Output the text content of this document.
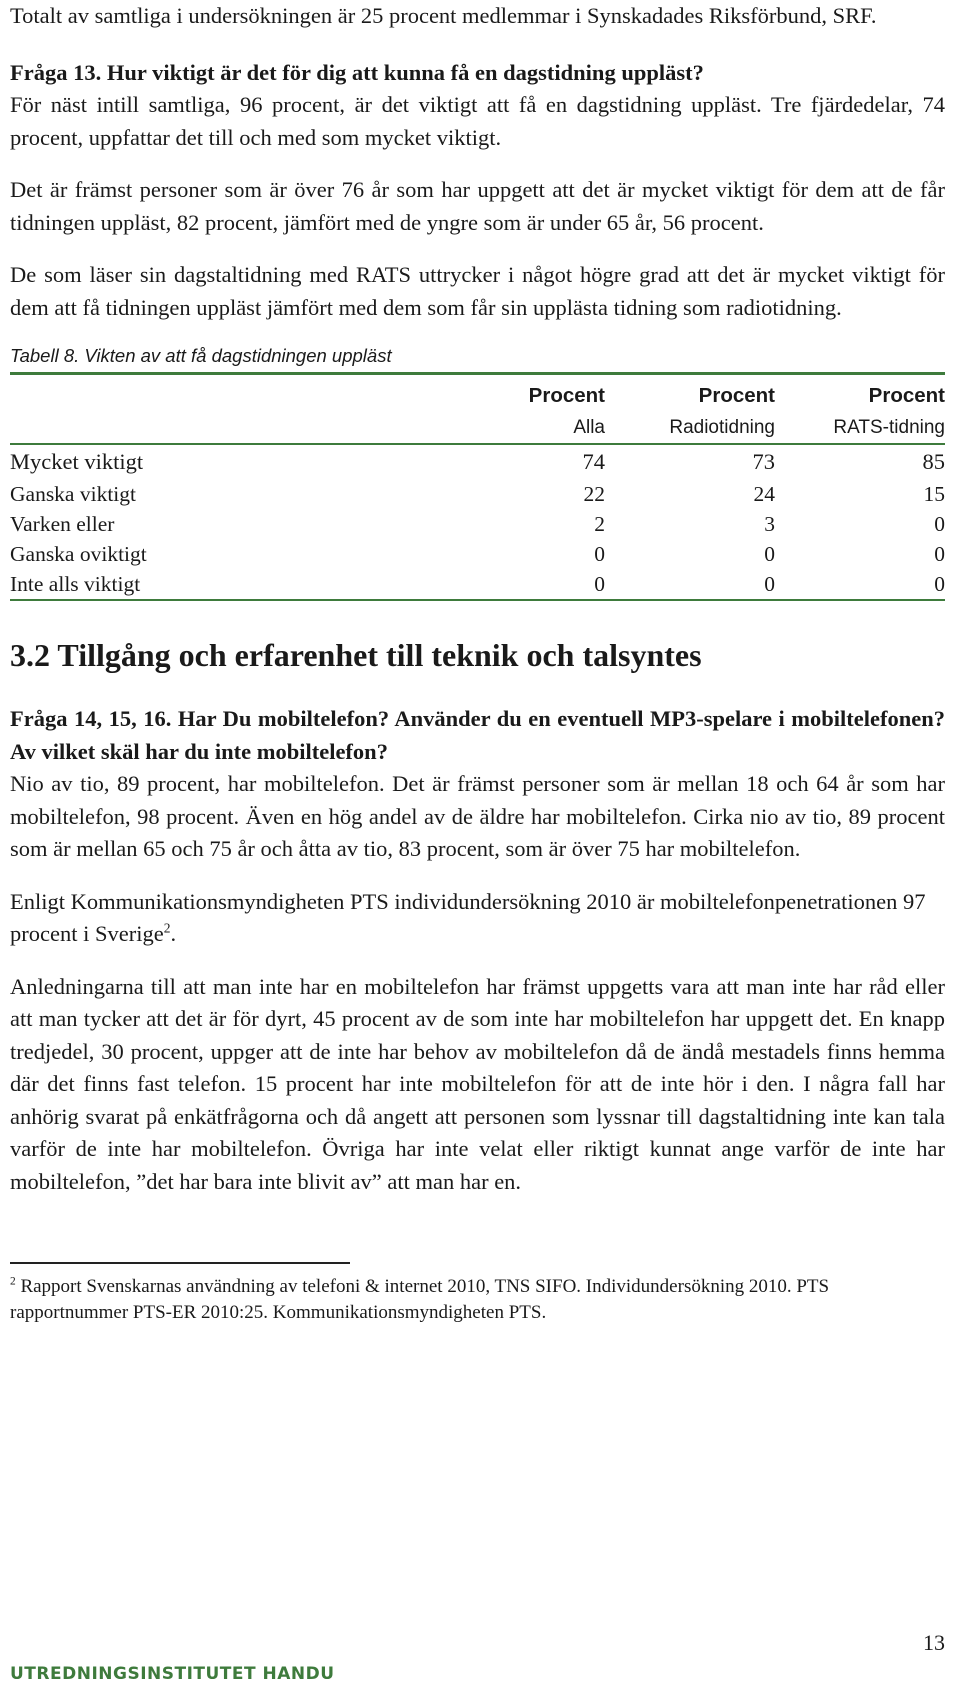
Totalt av samtliga i undersökningen är 25 procent medlemmar i Synskadades Riksförbund, SRF.

Fråga 13. Hur viktigt är det för dig att kunna få en dagstidning uppläst?

För näst intill samtliga, 96 procent, är det viktigt att få en dagstidning uppläst. Tre fjärdedelar, 74 procent, uppfattar det till och med som mycket viktigt.

Det är främst personer som är över 76 år som har uppgett att det är mycket viktigt för dem att de får tidningen uppläst, 82 procent, jämfört med de yngre som är under 65 år, 56 procent.

De som läser sin dagstaltidning med RATS uttrycker i något högre grad att det är mycket viktigt för dem att få tidningen uppläst jämfört med dem som får sin upplästa tidning som radiotidning.

Tabell 8. Vikten av att få dagstidningen uppläst
	Procent	Procent	Procent
	Alla	Radiotidning	RATS-tidning
Mycket viktigt	74	73	85
Ganska viktigt	22	24	15
Varken eller	2	3	0
Ganska oviktigt	0	0	0
Inte alls viktigt	0	0	0
3.2 Tillgång och erfarenhet till teknik och talsyntes

Fråga 14, 15, 16. Har Du mobiltelefon? Använder du en eventuell MP3-spelare i mobiltelefonen? Av vilket skäl har du inte mobiltelefon?

Nio av tio, 89 procent, har mobiltelefon. Det är främst personer som är mellan 18 och 64 år som har mobiltelefon, 98 procent. Även en hög andel av de äldre har mobiltelefon. Cirka nio av tio, 89 procent som är mellan 65 och 75 år och åtta av tio, 83 procent, som är över 75 har mobiltelefon.

Enligt Kommunikationsmyndigheten PTS individundersökning 2010 är mobiltelefonpenetrationen 97 procent i Sverige$^2$.

Anledningarna till att man inte har en mobiltelefon har främst uppgetts vara att man inte har råd eller att man tycker att det är för dyrt, 45 procent av de som inte har mobiltelefon har uppgett det. En knapp tredjedel, 30 procent, uppger att de inte har behov av mobiltelefon då de ändå mestadels finns hemma där det finns fast telefon. 15 procent har inte mobiltelefon för att de inte hör i den. I några fall har anhörig svarat på enkätfrågorna och då angett att personen som lyssnar till dagstaltidning inte kan tala varför de inte har mobiltelefon. Övriga har inte velat eller riktigt kunnat ange varför de inte har mobiltelefon, ”det har bara inte blivit av” att man har en.

$^2$ Rapport Svenskarnas användning av telefoni & internet 2010, TNS SIFO. Individundersökning 2010. PTS rapportnummer PTS-ER 2010:25. Kommunikationsmyndigheten PTS.
13
UTREDNINGSINSTITUTET HANDU
